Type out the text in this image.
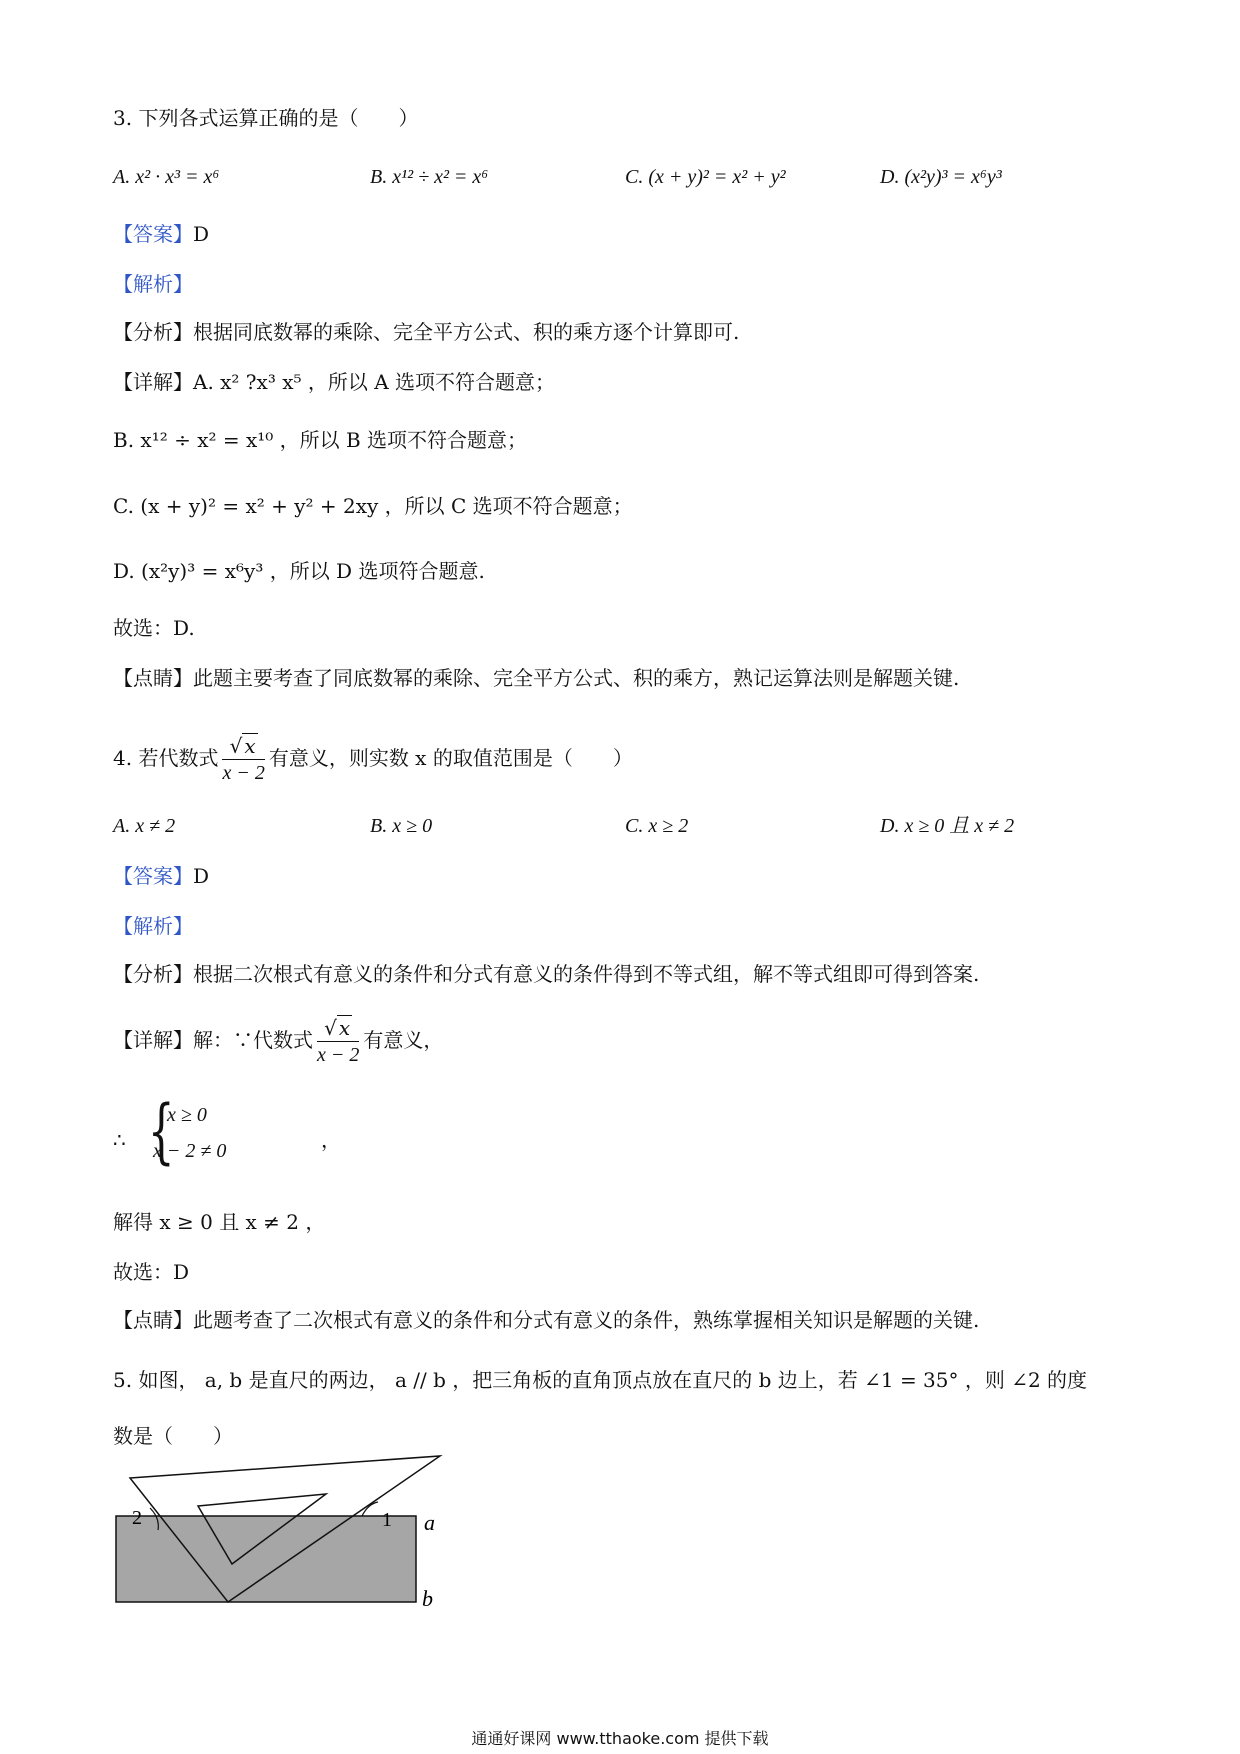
3. 下列各式运算正确的是（　　）
A. x² · x³ = x⁶	B. x¹² ÷ x² = x⁶	C. (x + y)² = x² + y²	D. (x²y)³ = x⁶y³
【答案】D
【解析】
【分析】根据同底数幂的乘除、完全平方公式、积的乘方逐个计算即可.
【详解】A. x² ?x³ x⁵ ，所以 A 选项不符合题意；
B. x¹² ÷ x² = x¹⁰ ，所以 B 选项不符合题意；
C. (x + y)² = x² + y² + 2xy ，所以 C 选项不符合题意；
D. (x²y)³ = x⁶y³ ，所以 D 选项符合题意.
故选：D.
【点睛】此题主要考查了同底数幂的乘除、完全平方公式、积的乘方，熟记运算法则是解题关键.
4. 若代数式 $\frac{√ x}{x - 2}$ 有意义，则实数 x 的取值范围是（　　）
A. x ≠ 2	B. x ≥ 0	C. x ≥ 2	D. x ≥ 0 且 x ≠ 2
【答案】D
【解析】
【分析】根据二次根式有意义的条件和分式有意义的条件得到不等式组，解不等式组即可得到答案.
【详解】解：∵代数式 $\frac{√ x}{x - 2}$ 有意义，
∴ {
x ≥ 0
x − 2 ≠ 0	，
解得 x ≥ 0 且 x ≠ 2 ，
故选：D
【点睛】此题考查了二次根式有意义的条件和分式有意义的条件，熟练掌握相关知识是解题的关键.
5. 如图， a, b 是直尺的两边， a // b ，把三角板的直角顶点放在直尺的 b 边上，若 ∠1 = 35° ，则 ∠2 的度
数是（　　）
2	1 a
b
通通好课网 www.tthaoke.com 提供下载
